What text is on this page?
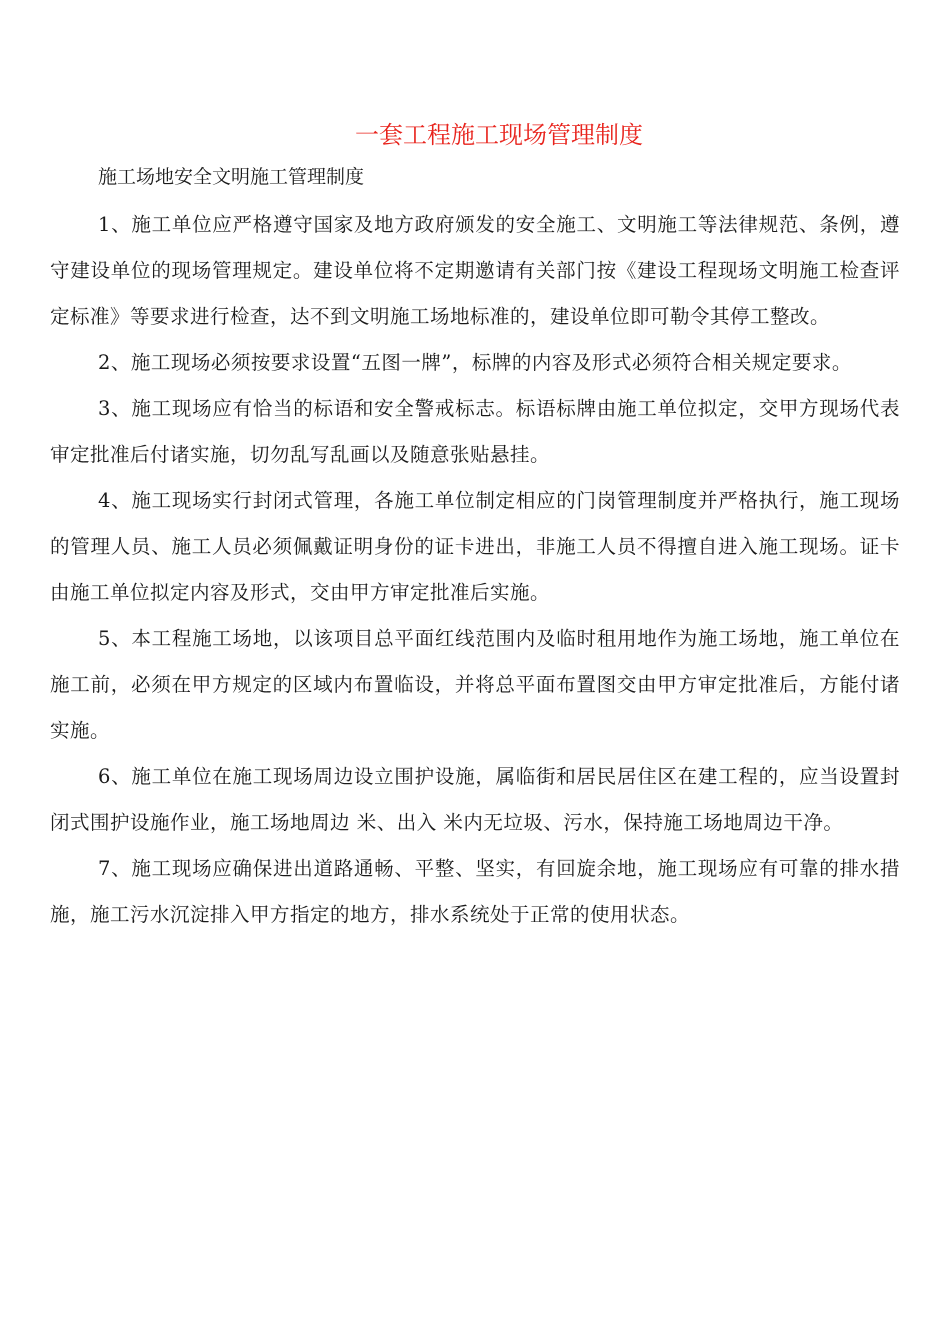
一套工程施工现场管理制度

施工场地安全文明施工管理制度

1、施工单位应严格遵守国家及地方政府颁发的安全施工、文明施工等法律规范、条例，遵守建设单位的现场管理规定。建设单位将不定期邀请有关部门按《建设工程现场文明施工检查评定标准》等要求进行检查，达不到文明施工场地标准的，建设单位即可勒令其停工整改。

2、施工现场必须按要求设置“五图一牌”，标牌的内容及形式必须符合相关规定要求。

3、施工现场应有恰当的标语和安全警戒标志。标语标牌由施工单位拟定，交甲方现场代表审定批准后付诸实施，切勿乱写乱画以及随意张贴悬挂。

4、施工现场实行封闭式管理，各施工单位制定相应的门岗管理制度并严格执行，施工现场的管理人员、施工人员必须佩戴证明身份的证卡进出，非施工人员不得擅自进入施工现场。证卡由施工单位拟定内容及形式，交由甲方审定批准后实施。

5、本工程施工场地，以该项目总平面红线范围内及临时租用地作为施工场地，施工单位在施工前，必须在甲方规定的区域内布置临设，并将总平面布置图交由甲方审定批准后，方能付诸实施。

6、施工单位在施工现场周边设立围护设施，属临街和居民居住区在建工程的，应当设置封闭式围护设施作业，施工场地周边 米、出入 米内无垃圾、污水，保持施工场地周边干净。

7、施工现场应确保进出道路通畅、平整、坚实，有回旋余地，施工现场应有可靠的排水措施，施工污水沉淀排入甲方指定的地方，排水系统处于正常的使用状态。
